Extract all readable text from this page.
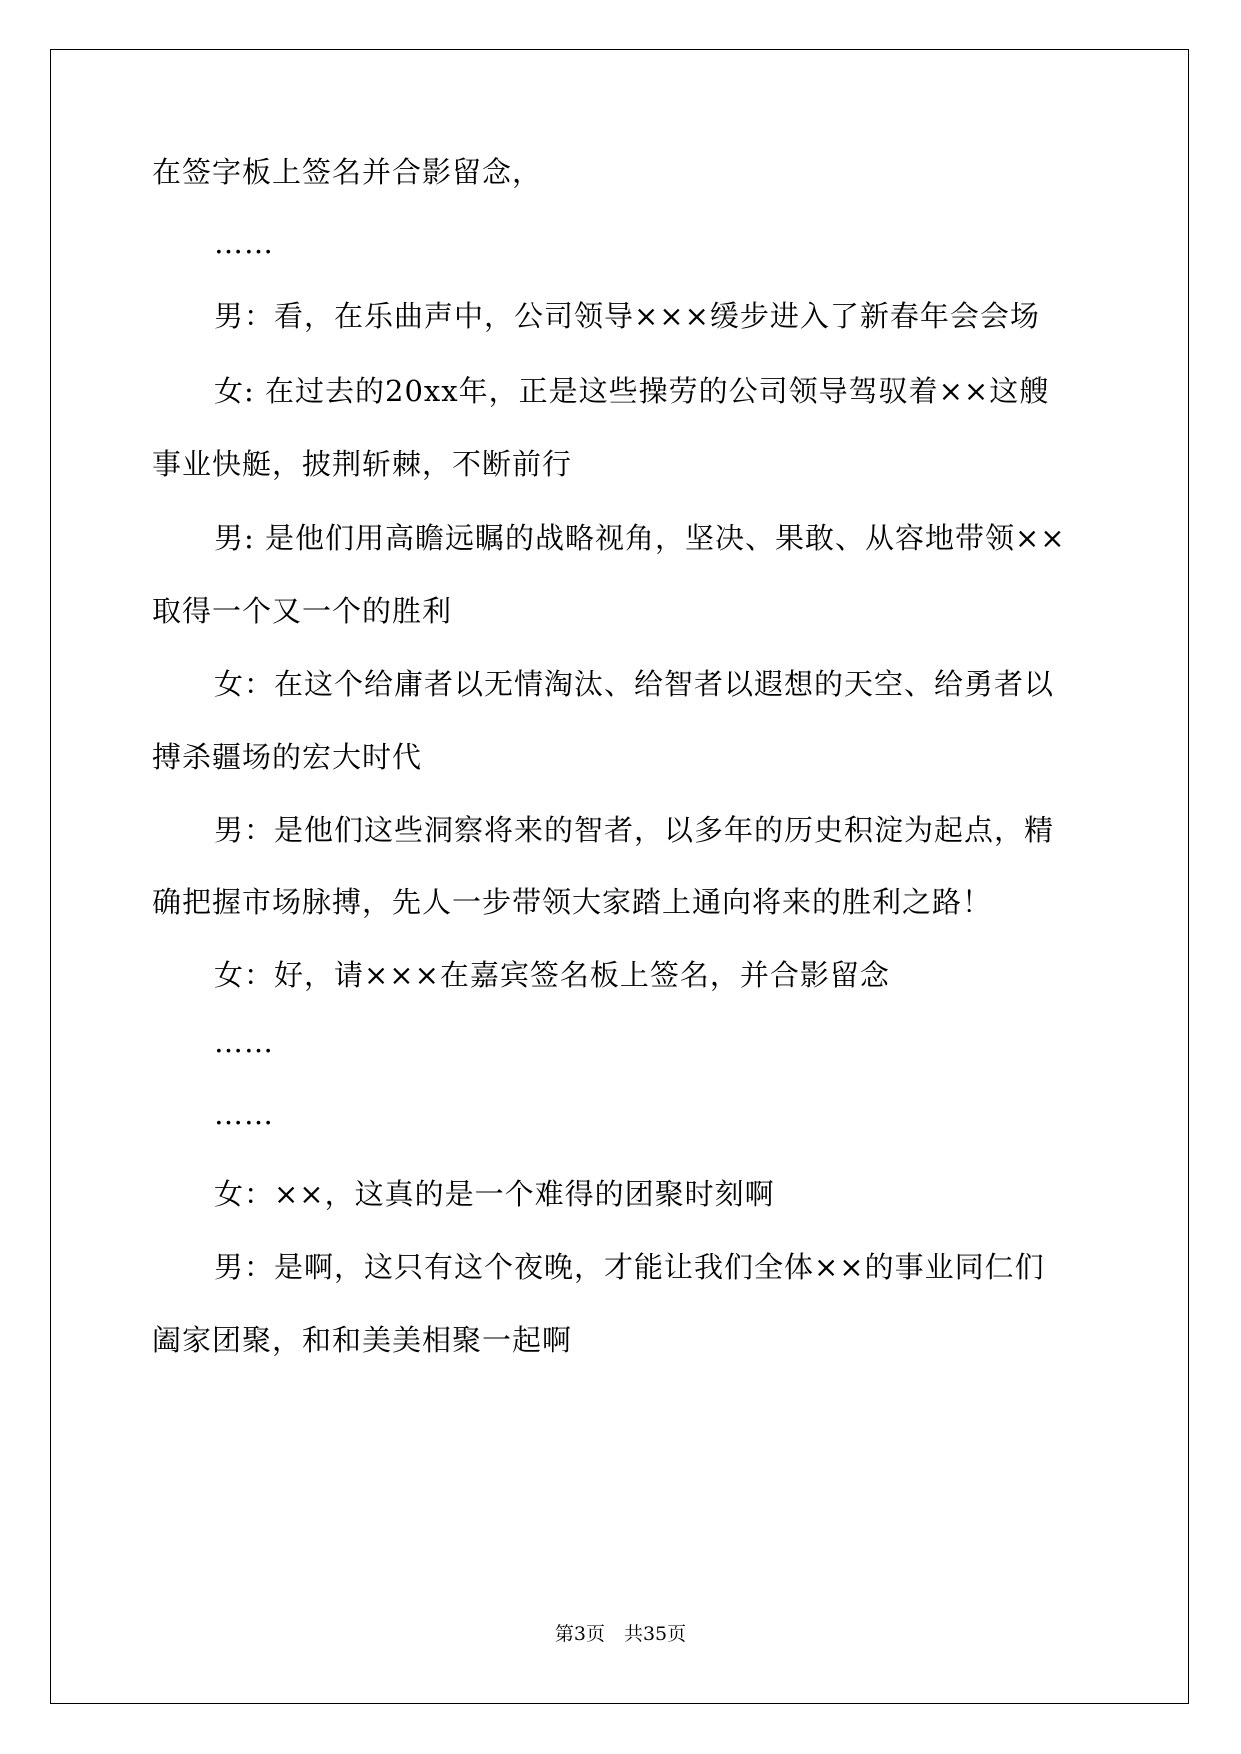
在签字板上签名并合影留念，
……
男：看，在乐曲声中，公司领导×××缓步进入了新春年会会场
女: 在过去的20xx年，正是这些操劳的公司领导驾驭着××这艘
事业快艇，披荆斩棘，不断前行
男: 是他们用高瞻远瞩的战略视角，坚决、果敢、从容地带领××
取得一个又一个的胜利
女：在这个给庸者以无情淘汰、给智者以遐想的天空、给勇者以
搏杀疆场的宏大时代
男：是他们这些洞察将来的智者，以多年的历史积淀为起点，精
确把握市场脉搏，先人一步带领大家踏上通向将来的胜利之路！
女：好，请×××在嘉宾签名板上签名，并合影留念
……
……
女：××，这真的是一个难得的团聚时刻啊
男：是啊，这只有这个夜晚，才能让我们全体××的事业同仁们
阖家团聚，和和美美相聚一起啊
第3页　共35页
